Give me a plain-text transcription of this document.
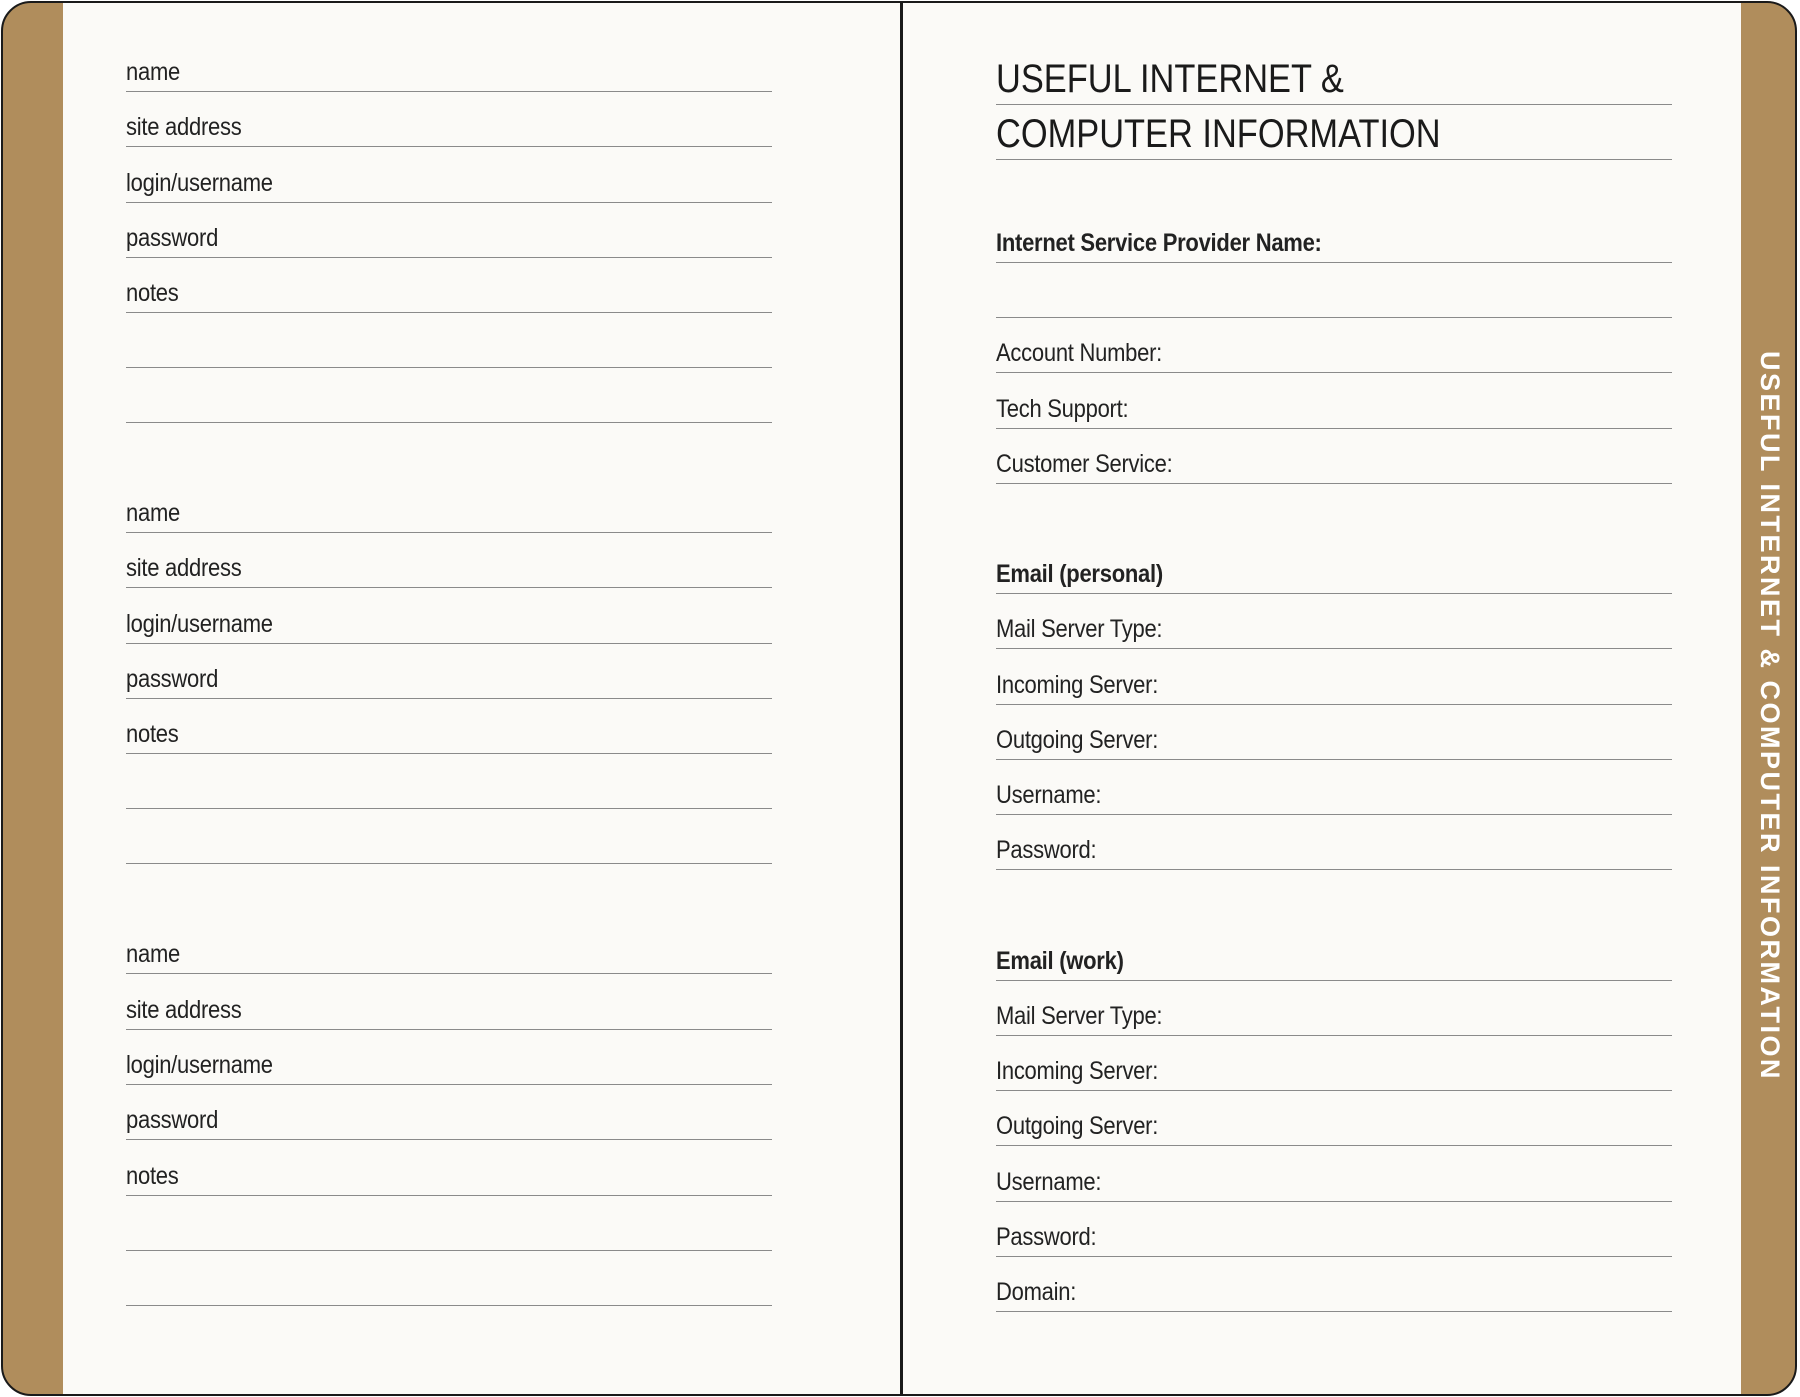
USEFUL INTERNET & COMPUTER INFORMATION
name
site address
login/username
password
notes
name
site address
login/username
password
notes
name
site address
login/username
password
notes
USEFUL INTERNET &
COMPUTER INFORMATION
Internet Service Provider Name:
Account Number:
Tech Support:
Customer Service:
Email (personal)
Mail Server Type:
Incoming Server:
Outgoing Server:
Username:
Password:
Email (work)
Mail Server Type:
Incoming Server:
Outgoing Server:
Username:
Password:
Domain:
